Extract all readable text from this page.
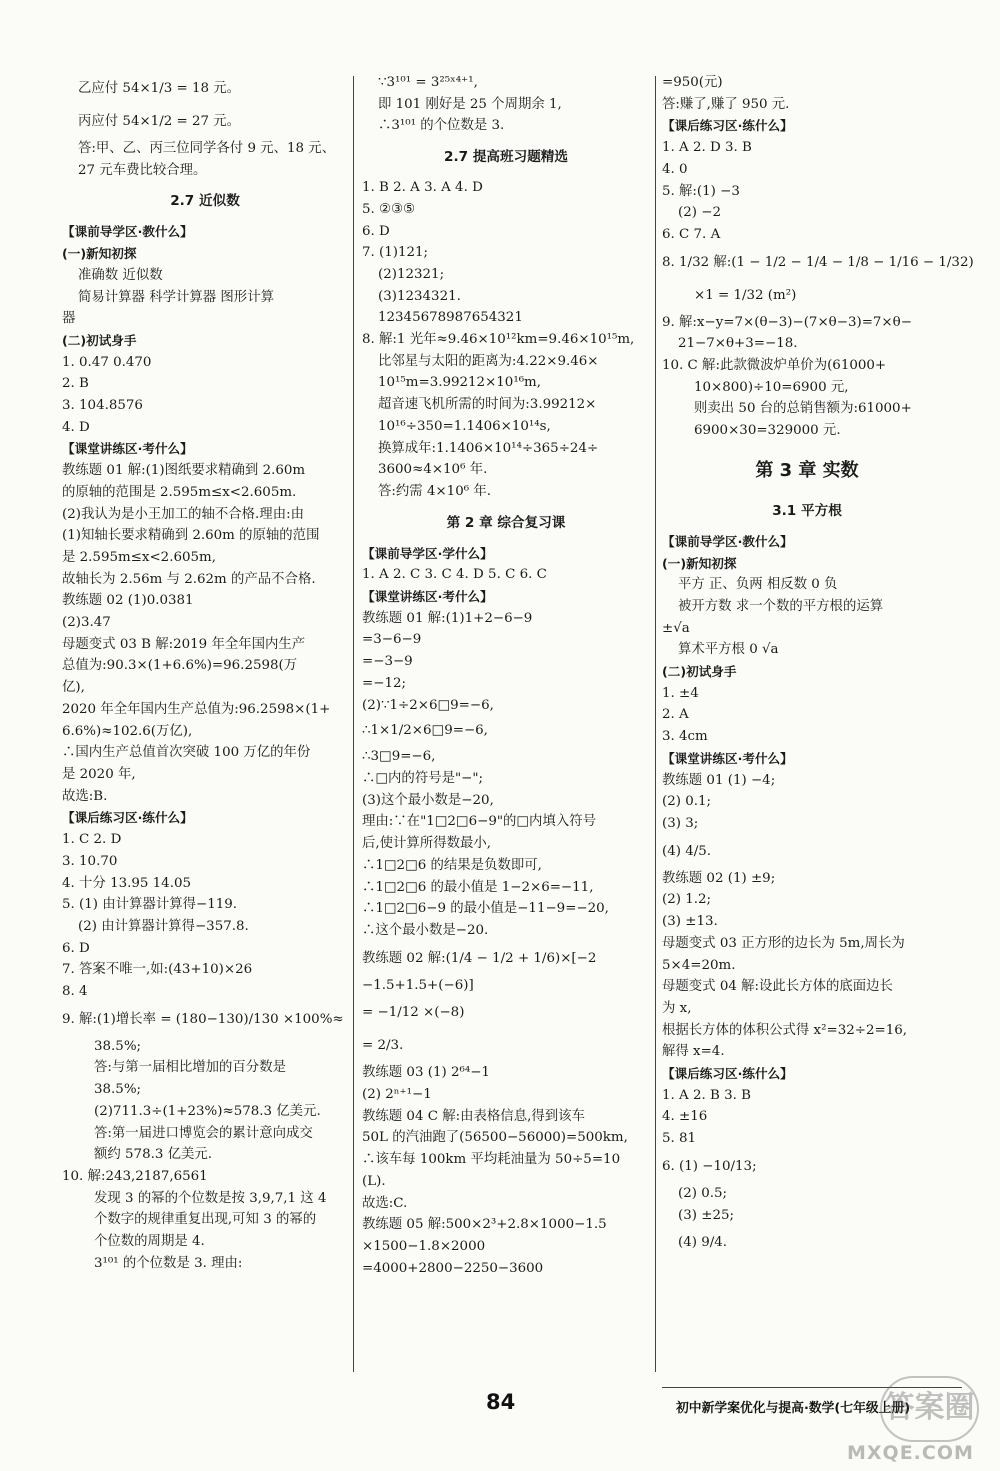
乙应付 54×1/3 = 18 元。
丙应付 54×1/2 = 27 元。
答:甲、乙、丙三位同学各付 9 元、18 元、
27 元车费比较合理。
2.7 近似数
【课前导学区·教什么】
(一)新知初探
准确数 近似数
简易计算器 科学计算器 图形计算
器
(二)初试身手
1. 0.47 0.470
2. B
3. 104.8576
4. D
【课堂讲练区·考什么】
教练题 01 解:(1)图纸要求精确到 2.60m
的原轴的范围是 2.595m≤x<2.605m.
(2)我认为是小王加工的轴不合格.理由:由
(1)知轴长要求精确到 2.60m 的原轴的范围
是 2.595m≤x<2.605m,
故轴长为 2.56m 与 2.62m 的产品不合格.
教练题 02 (1)0.0381
(2)3.47
母题变式 03 B 解:2019 年全年国内生产
总值为:90.3×(1+6.6%)=96.2598(万
亿),
2020 年全年国内生产总值为:96.2598×(1+
6.6%)≈102.6(万亿),
∴国内生产总值首次突破 100 万亿的年份
是 2020 年,
故选:B.
【课后练习区·练什么】
1. C 2. D
3. 10.70
4. 十分 13.95 14.05
5. (1) 由计算器计算得−119.
(2) 由计算器计算得−357.8.
6. D
7. 答案不唯一,如:(43+10)×26
8. 4
9. 解:(1)增长率 = (180−130)/130 ×100%≈
38.5%;
答:与第一届相比增加的百分数是
38.5%;
(2)711.3÷(1+23%)≈578.3 亿美元.
答:第一届进口博览会的累计意向成交
额约 578.3 亿美元.
10. 解:243,2187,6561
发现 3 的幂的个位数是按 3,9,7,1 这 4
个数字的规律重复出现,可知 3 的幂的
个位数的周期是 4.
3¹⁰¹ 的个位数是 3. 理由:
∵3¹⁰¹ = 3²⁵ˣ⁴⁺¹,
即 101 刚好是 25 个周期余 1,
∴3¹⁰¹ 的个位数是 3.
2.7 提高班习题精选
1. B 2. A 3. A 4. D
5. ②③⑤
6. D
7. (1)121;
(2)12321;
(3)1234321.
12345678987654321
8. 解:1 光年≈9.46×10¹²km=9.46×10¹⁵m,
比邻星与太阳的距离为:4.22×9.46×
10¹⁵m=3.99212×10¹⁶m,
超音速飞机所需的时间为:3.99212×
10¹⁶÷350=1.1406×10¹⁴s,
换算成年:1.1406×10¹⁴÷365÷24÷
3600≈4×10⁶ 年.
答:约需 4×10⁶ 年.
第 2 章 综合复习课
【课前导学区·学什么】
1. A 2. C 3. C 4. D 5. C 6. C
【课堂讲练区·考什么】
教练题 01 解:(1)1+2−6−9
=3−6−9
=−3−9
=−12;
(2)∵1÷2×6□9=−6,
∴1×1/2×6□9=−6,
∴3□9=−6,
∴□内的符号是"−";
(3)这个最小数是−20,
理由:∵在"1□2□6−9"的□内填入符号
后,使计算所得数最小,
∴1□2□6 的结果是负数即可,
∴1□2□6 的最小值是 1−2×6=−11,
∴1□2□6−9 的最小值是−11−9=−20,
∴这个最小数是−20.
教练题 02 解:(1/4 − 1/2 + 1/6)×[−2
−1.5+1.5+(−6)]
= −1/12 ×(−8)
= 2/3.
教练题 03 (1) 2⁶⁴−1
(2) 2ⁿ⁺¹−1
教练题 04 C 解:由表格信息,得到该车
50L 的汽油跑了(56500−56000)=500km,
∴该车每 100km 平均耗油量为 50÷5=10
(L).
故选:C.
教练题 05 解:500×2³+2.8×1000−1.5
×1500−1.8×2000
=4000+2800−2250−3600
=950(元)
答:赚了,赚了 950 元.
【课后练习区·练什么】
1. A 2. D 3. B
4. 0
5. 解:(1) −3
(2) −2
6. C 7. A
8. 1/32 解:(1 − 1/2 − 1/4 − 1/8 − 1/16 − 1/32)
×1 = 1/32 (m²)
9. 解:x−y=7×(θ−3)−(7×θ−3)=7×θ−
21−7×θ+3=−18.
10. C 解:此款微波炉单价为(61000+
10×800)÷10=6900 元,
则卖出 50 台的总销售额为:61000+
6900×30=329000 元.
第 3 章 实数
3.1 平方根
【课前导学区·教什么】
(一)新知初探
平方 正、负两 相反数 0 负
被开方数 求一个数的平方根的运算
±√a
算术平方根 0 √a
(二)初试身手
1. ±4
2. A
3. 4cm
【课堂讲练区·考什么】
教练题 01 (1) −4;
(2) 0.1;
(3) 3;
(4) 4/5.
教练题 02 (1) ±9;
(2) 1.2;
(3) ±13.
母题变式 03 正方形的边长为 5m,周长为
5×4=20m.
母题变式 04 解:设此长方体的底面边长
为 x,
根据长方体的体积公式得 x²=32÷2=16,
解得 x=4.
【课后练习区·练什么】
1. A 2. B 3. B
4. ±16
5. 81
6. (1) −10/13;
(2) 0.5;
(3) ±25;
(4) 9/4.
84	初中新学案优化与提高·数学(七年级上册)
答案圈
MXQE.COM
